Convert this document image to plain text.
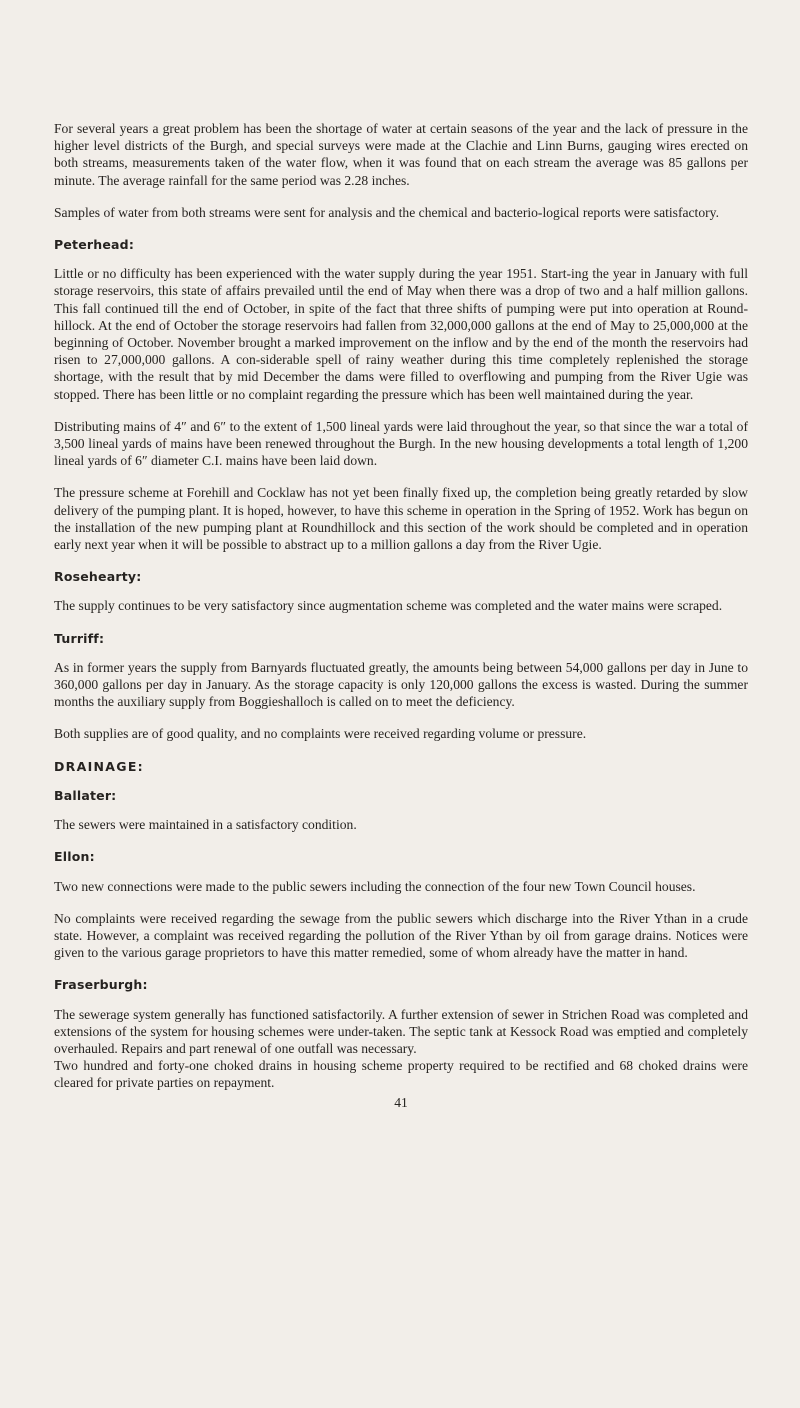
For several years a great problem has been the shortage of water at certain seasons of the year and the lack of pressure in the higher level districts of the Burgh, and special surveys were made at the Clachie and Linn Burns, gauging wires erected on both streams, measurements taken of the water flow, when it was found that on each stream the average was 85 gallons per minute. The average rainfall for the same period was 2.28 inches.

Samples of water from both streams were sent for analysis and the chemical and bacterio-logical reports were satisfactory.

Peterhead:

Little or no difficulty has been experienced with the water supply during the year 1951. Start-ing the year in January with full storage reservoirs, this state of affairs prevailed until the end of May when there was a drop of two and a half million gallons. This fall continued till the end of October, in spite of the fact that three shifts of pumping were put into operation at Round-hillock. At the end of October the storage reservoirs had fallen from 32,000,000 gallons at the end of May to 25,000,000 at the beginning of October. November brought a marked improvement on the inflow and by the end of the month the reservoirs had risen to 27,000,000 gallons. A con-siderable spell of rainy weather during this time completely replenished the storage shortage, with the result that by mid December the dams were filled to overflowing and pumping from the River Ugie was stopped. There has been little or no complaint regarding the pressure which has been well maintained during the year.

Distributing mains of 4″ and 6″ to the extent of 1,500 lineal yards were laid throughout the year, so that since the war a total of 3,500 lineal yards of mains have been renewed throughout the Burgh. In the new housing developments a total length of 1,200 lineal yards of 6″ diameter C.I. mains have been laid down.

The pressure scheme at Forehill and Cocklaw has not yet been finally fixed up, the completion being greatly retarded by slow delivery of the pumping plant. It is hoped, however, to have this scheme in operation in the Spring of 1952. Work has begun on the installation of the new pumping plant at Roundhillock and this section of the work should be completed and in operation early next year when it will be possible to abstract up to a million gallons a day from the River Ugie.

Rosehearty:

The supply continues to be very satisfactory since augmentation scheme was completed and the water mains were scraped.

Turriff:

As in former years the supply from Barnyards fluctuated greatly, the amounts being between 54,000 gallons per day in June to 360,000 gallons per day in January. As the storage capacity is only 120,000 gallons the excess is wasted. During the summer months the auxiliary supply from Boggieshalloch is called on to meet the deficiency.

Both supplies are of good quality, and no complaints were received regarding volume or pressure.

DRAINAGE:
Ballater:

The sewers were maintained in a satisfactory condition.

Ellon:

Two new connections were made to the public sewers including the connection of the four new Town Council houses.

No complaints were received regarding the sewage from the public sewers which discharge into the River Ythan in a crude state. However, a complaint was received regarding the pollution of the River Ythan by oil from garage drains. Notices were given to the various garage proprietors to have this matter remedied, some of whom already have the matter in hand.

Fraserburgh:

The sewerage system generally has functioned satisfactorily. A further extension of sewer in Strichen Road was completed and extensions of the system for housing schemes were under-taken. The septic tank at Kessock Road was emptied and completely overhauled. Repairs and part renewal of one outfall was necessary.

Two hundred and forty-one choked drains in housing scheme property required to be rectified and 68 choked drains were cleared for private parties on repayment.

41
